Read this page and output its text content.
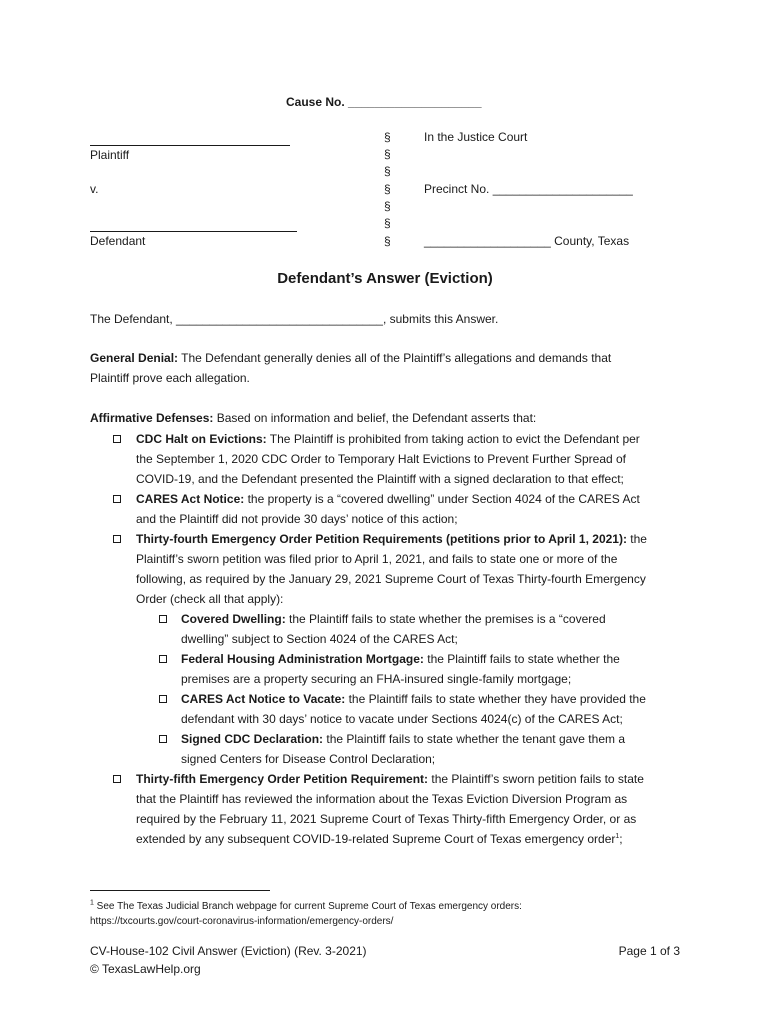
Cause No. ____________________
Plaintiff
v.
Defendant
§
§
§
§
§
§
§
In the Justice Court
Precinct No. _____________________
___________________ County, Texas
Defendant’s Answer (Eviction)
The Defendant, _______________________________, submits this Answer.
General Denial: The Defendant generally denies all of the Plaintiff’s allegations and demands that
Plaintiff prove each allegation.
Affirmative Defenses: Based on information and belief, the Defendant asserts that:
CDC Halt on Evictions: The Plaintiff is prohibited from taking action to evict the Defendant per
the September 1, 2020 CDC Order to Temporary Halt Evictions to Prevent Further Spread of
COVID-19, and the Defendant presented the Plaintiff with a signed declaration to that effect;
CARES Act Notice: the property is a “covered dwelling” under Section 4024 of the CARES Act
and the Plaintiff did not provide 30 days’ notice of this action;
Thirty-fourth Emergency Order Petition Requirements (petitions prior to April 1, 2021): the
Plaintiff’s sworn petition was filed prior to April 1, 2021, and fails to state one or more of the
following, as required by the January 29, 2021 Supreme Court of Texas Thirty-fourth Emergency
Order (check all that apply):
Covered Dwelling: the Plaintiff fails to state whether the premises is a “covered
dwelling” subject to Section 4024 of the CARES Act;
Federal Housing Administration Mortgage: the Plaintiff fails to state whether the
premises are a property securing an FHA-insured single-family mortgage;
CARES Act Notice to Vacate: the Plaintiff fails to state whether they have provided the
defendant with 30 days’ notice to vacate under Sections 4024(c) of the CARES Act;
Signed CDC Declaration: the Plaintiff fails to state whether the tenant gave them a
signed Centers for Disease Control Declaration;
Thirty-fifth Emergency Order Petition Requirement: the Plaintiff’s sworn petition fails to state
that the Plaintiff has reviewed the information about the Texas Eviction Diversion Program as
required by the February 11, 2021 Supreme Court of Texas Thirty-fifth Emergency Order, or as
extended by any subsequent COVID-19-related Supreme Court of Texas emergency order$^1$;
$^1$ See The Texas Judicial Branch webpage for current Supreme Court of Texas emergency orders:
https://txcourts.gov/court-coronavirus-information/emergency-orders/
CV-House-102 Civil Answer (Eviction) (Rev. 3-2021)
© TexasLawHelp.org
Page 1 of 3
